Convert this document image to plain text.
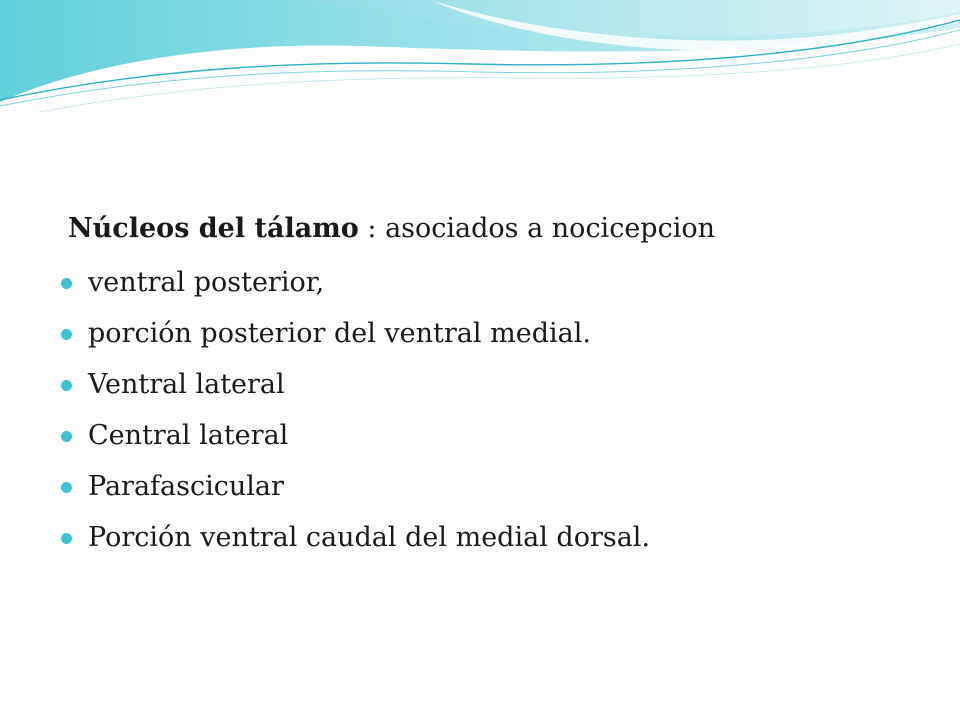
Núcleos del tálamo : asociados a nocicepcion
ventral posterior,
porción posterior del ventral medial.
Ventral lateral
Central lateral
Parafascicular
Porción ventral caudal del medial dorsal.
